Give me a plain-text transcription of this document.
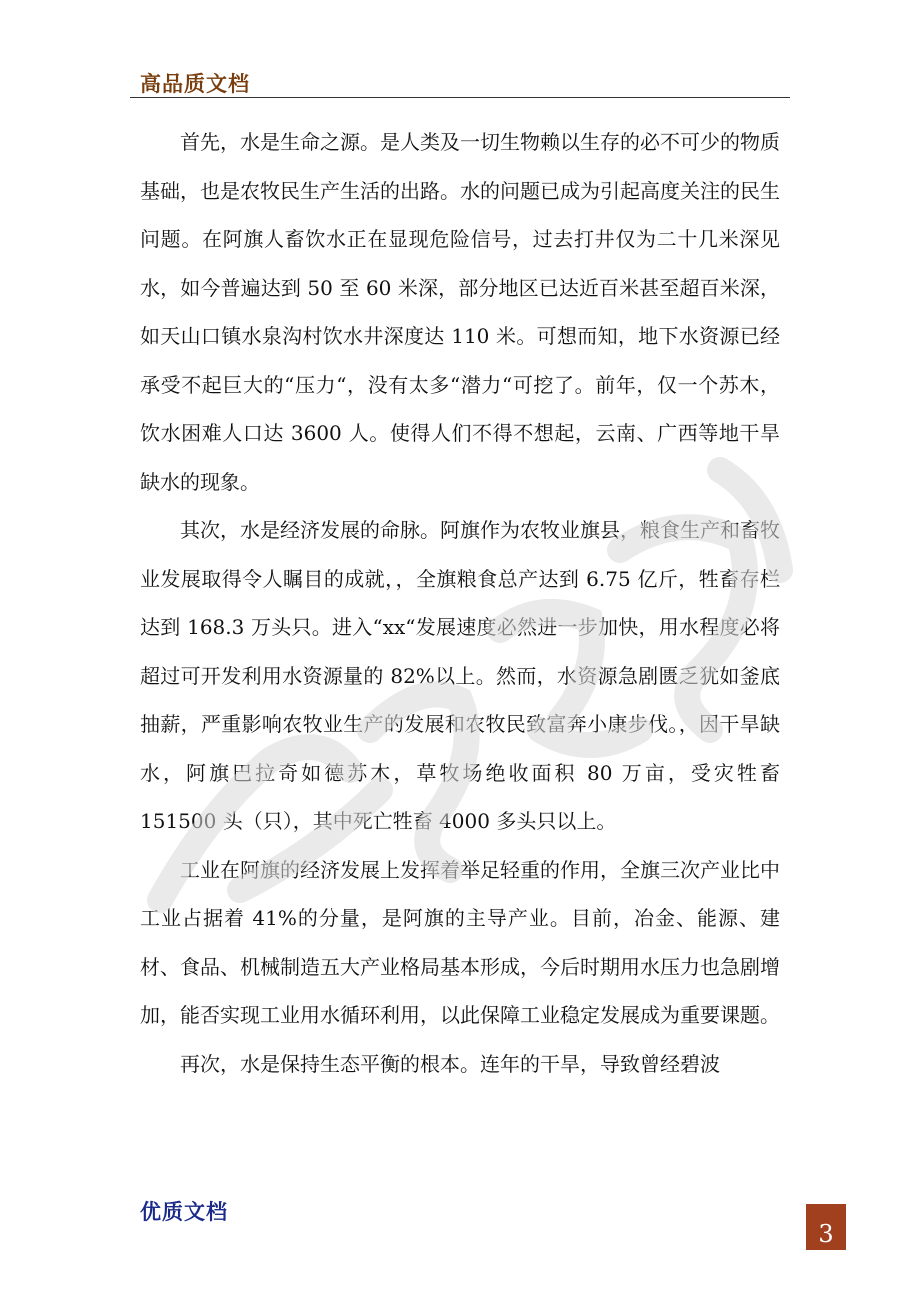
高品质文档

首先，水是生命之源。是人类及一切生物赖以生存的必不可少的物质基础，也是农牧民生产生活的出路。水的问题已成为引起高度关注的民生问题。在阿旗人畜饮水正在显现危险信号，过去打井仅为二十几米深见水，如今普遍达到 50 至 60 米深，部分地区已达近百米甚至超百米深，如天山口镇水泉沟村饮水井深度达 110 米。可想而知，地下水资源已经承受不起巨大的“压力“，没有太多“潜力“可挖了。前年，仅一个苏木，饮水困难人口达 3600 人。使得人们不得不想起，云南、广西等地干旱缺水的现象。

其次，水是经济发展的命脉。阿旗作为农牧业旗县，粮食生产和畜牧业发展取得令人瞩目的成就，，全旗粮食总产达到 6.75 亿斤，牲畜存栏达到 168.3 万头只。进入“xx“发展速度必然进一步加快，用水程度必将超过可开发利用水资源量的 82%以上。然而，水资源急剧匮乏犹如釜底抽薪，严重影响农牧业生产的发展和农牧民致富奔小康步伐。，因干旱缺水，阿旗巴拉奇如德苏木，草牧场绝收面积 80 万亩，受灾牲畜 151500 头（只），其中死亡牲畜 4000 多头只以上。

工业在阿旗的经济发展上发挥着举足轻重的作用，全旗三次产业比中工业占据着 41%的分量，是阿旗的主导产业。目前，冶金、能源、建材、食品、机械制造五大产业格局基本形成，今后时期用水压力也急剧增加，能否实现工业用水循环利用，以此保障工业稳定发展成为重要课题。

再次，水是保持生态平衡的根本。连年的干旱，导致曾经碧波

优质文档
3
